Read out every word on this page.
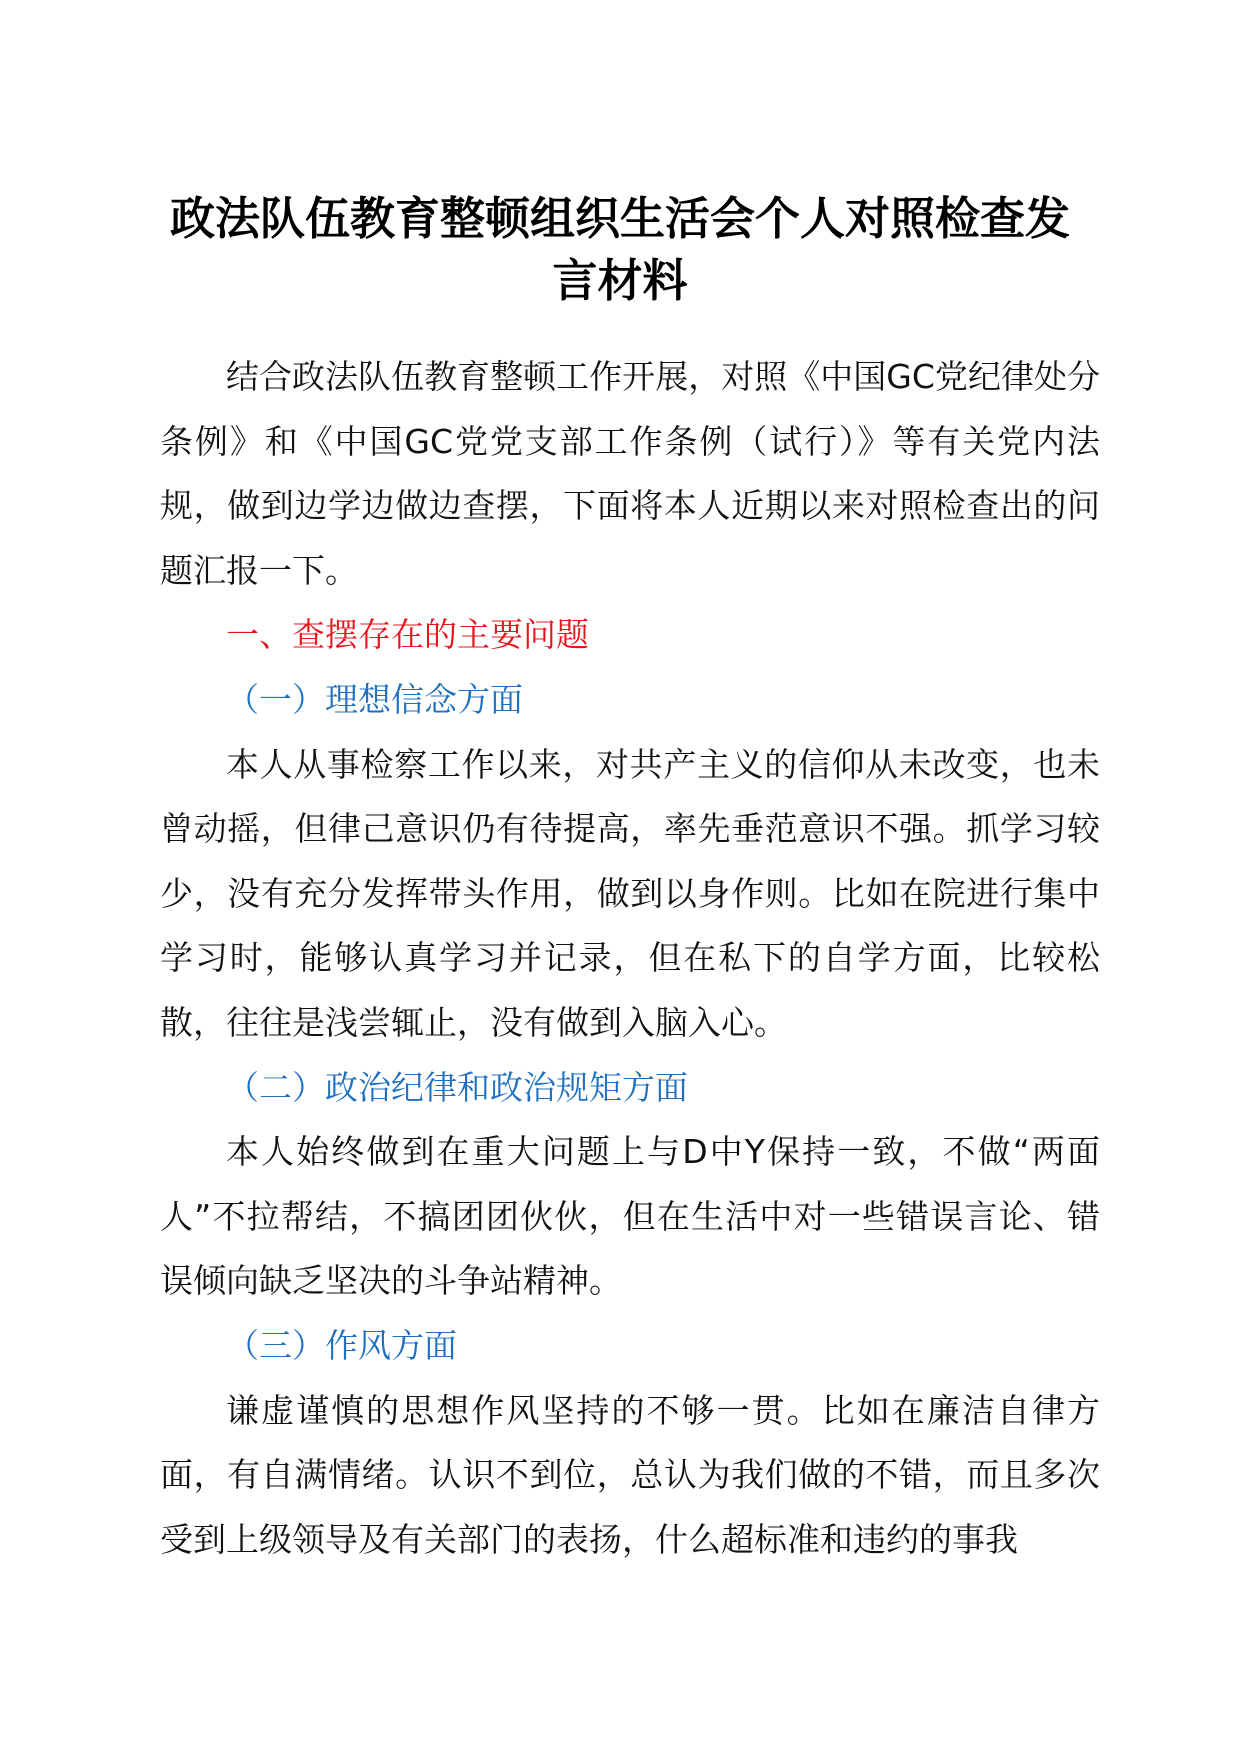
政法队伍教育整顿组织生活会个人对照检查发言材料

结合政法队伍教育整顿工作开展，对照《中国GC党纪律处分条例》和《中国GC党党支部工作条例（试行）》等有关党内法规，做到边学边做边查摆，下面将本人近期以来对照检查出的问题汇报一下。

一、查摆存在的主要问题

（一）理想信念方面

本人从事检察工作以来，对共产主义的信仰从未改变，也未曾动摇，但律己意识仍有待提高，率先垂范意识不强。抓学习较少，没有充分发挥带头作用，做到以身作则。比如在院进行集中学习时，能够认真学习并记录，但在私下的自学方面，比较松散，往往是浅尝辄止，没有做到入脑入心。

（二）政治纪律和政治规矩方面

本人始终做到在重大问题上与D中Y保持一致，不做“两面人”不拉帮结，不搞团团伙伙，但在生活中对一些错误言论、错误倾向缺乏坚决的斗争站精神。

（三）作风方面

谦虚谨慎的思想作风坚持的不够一贯。比如在廉洁自律方面，有自满情绪。认识不到位，总认为我们做的不错，而且多次受到上级领导及有关部门的表扬，什么超标准和违约的事我
